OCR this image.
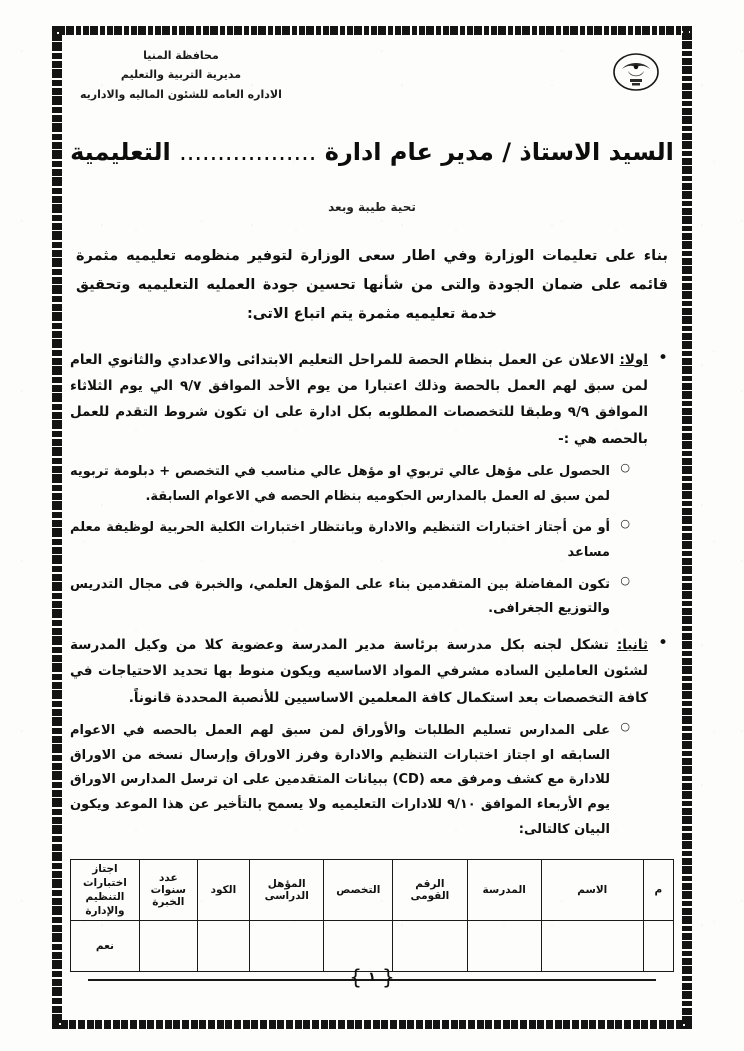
محافظة المنيا
مديرية التربية والتعليم
الاداره العامه للشئون الماليه والاداريه
السيد الاستاذ / مدير عام ادارة .................. التعليمية
تحية طيبة وبعد
بناء على تعليمات الوزارة وفي اطار سعى الوزارة لتوفير منظومه تعليميه مثمرة قائمه على ضمان الجودة والتى من شأنها تحسين جودة العمليه التعليميه وتحقيق خدمة تعليميه مثمرة يتم اتباع الاتى:
• اولا: الاعلان عن العمل بنظام الحصة للمراحل التعليم الابتدائى والاعدادي والثانوي العام لمن سبق لهم العمل بالحصة وذلك اعتبارا من يوم الأحد الموافق ٩/٧ الي يوم الثلاثاء الموافق ٩/٩ وطبقا للتخصصات المطلوبه بكل ادارة على ان تكون شروط التقدم للعمل بالحصه هي :-
○ الحصول على مؤهل عالي تربوي او مؤهل عالي مناسب في التخصص + دبلومة تربويه لمن سبق له العمل بالمدارس الحكوميه بنظام الحصه في الاعوام السابقة.
○ أو من أجتاز اختبارات التنظيم والادارة وبانتظار اختبارات الكلية الحربية لوظيفة معلم مساعد
○ تكون المفاضلة بين المتقدمين بناء على المؤهل العلمي، والخبرة فى مجال التدريس والتوزيع الجغرافى.
• ثانيا: تشكل لجنه بكل مدرسة برئاسة مدير المدرسة وعضوية كلا من وكيل المدرسة لشئون العاملين الساده مشرفي المواد الاساسيه ويكون منوط بها تحديد الاحتياجات في كافة التخصصات بعد استكمال كافة المعلمين الاساسيين للأنصبة المحددة قانوناً.
○ على المدارس تسليم الطلبات والأوراق لمن سبق لهم العمل بالحصه في الاعوام السابقه او اجتاز اختبارات التنظيم والادارة وفرز الاوراق وإرسال نسخه من الاوراق للادارة مع كشف ومرفق معه (CD) ببيانات المتقدمين على ان ترسل المدارس الاوراق يوم الأربعاء الموافق ٩/١٠ للادارات التعليميه ولا يسمح بالتأخير عن هذا الموعد ويكون البيان كالتالى:
م	الاسم	المدرسة	الرقم القومى	التخصص	المؤهل الدراسى	الكود	عدد سنوات الخبرة	اجتاز اختبارات التنظيم والإدارة
								نعم
{
١
}
